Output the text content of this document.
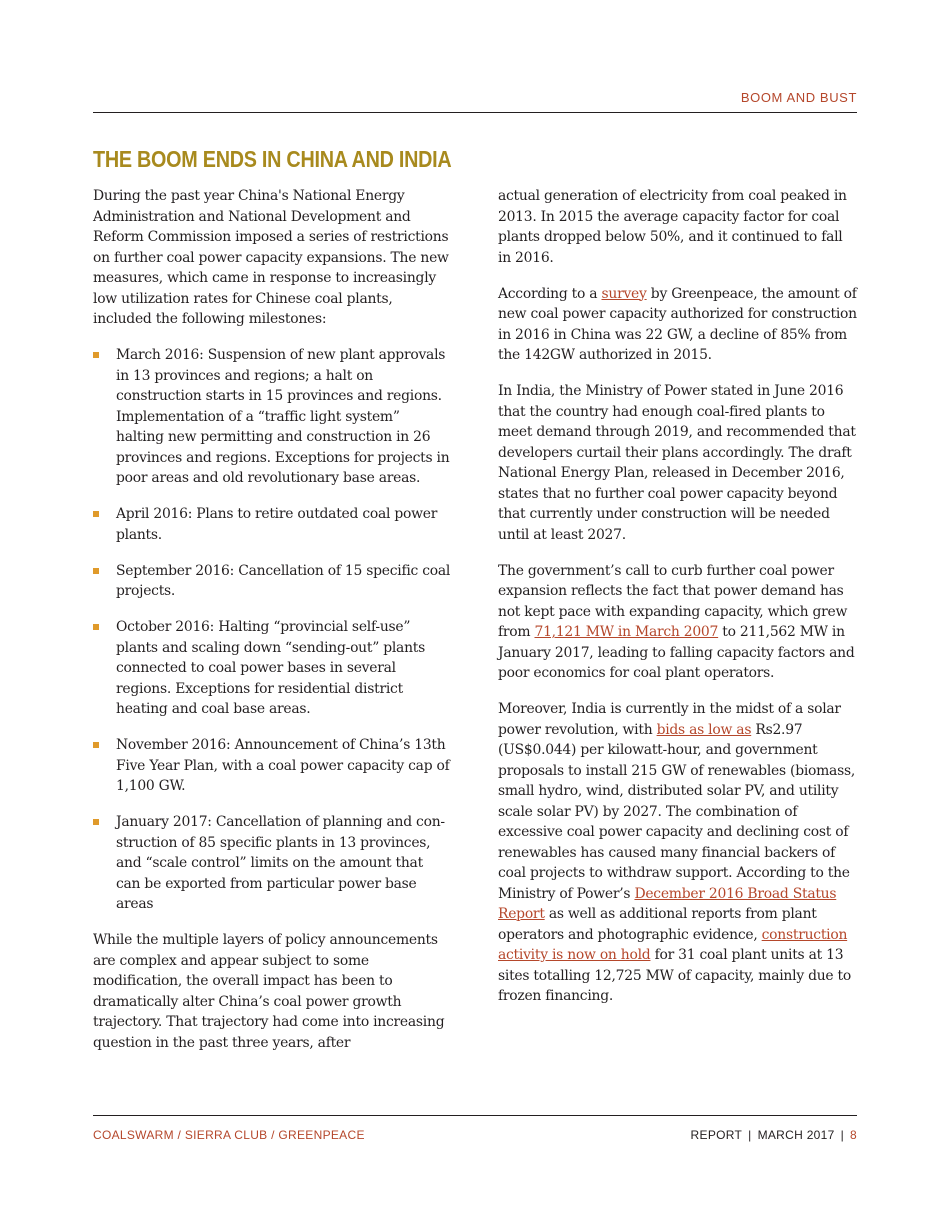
BOOM AND BUST
THE BOOM ENDS IN CHINA AND INDIA

During the past year China's National Energy Administration and National Development and Reform Commission imposed a series of restrictions on further coal power capacity expansions. The new measures, which came in response to increasingly low utilization rates for Chinese coal plants, included the following milestones:

March 2016: Suspension of new plant approvals in 13 provinces and regions; a halt on construction starts in 15 provinces and regions. Implementation of a “traffic light system” halting new permitting and construction in 26 provinces and regions. Exceptions for projects in poor areas and old revolutionary base areas.
April 2016: Plans to retire outdated coal power plants.
September 2016: Cancellation of 15 specific coal projects.
October 2016: Halting “provincial self-use” plants and scaling down “sending-out” plants connected to coal power bases in several regions. Exceptions for residential district heating and coal base areas.
November 2016: Announcement of China’s 13th Five Year Plan, with a coal power capacity cap of 1,100 GW.
January 2017: Cancellation of planning and construction of 85 specific plants in 13 provinces, and “scale control” limits on the amount that can be exported from particular power base areas

While the multiple layers of policy announcements are complex and appear subject to some modification, the overall impact has been to dramatically alter China’s coal power growth trajectory. That trajectory had come into increasing question in the past three years, after

actual generation of electricity from coal peaked in 2013. In 2015 the average capacity factor for coal plants dropped below 50%, and it continued to fall in 2016.

According to a survey by Greenpeace, the amount of new coal power capacity authorized for construction in 2016 in China was 22 GW, a decline of 85% from the 142GW authorized in 2015.

In India, the Ministry of Power stated in June 2016 that the country had enough coal-fired plants to meet demand through 2019, and recommended that developers curtail their plans accordingly. The draft National Energy Plan, released in December 2016, states that no further coal power capacity beyond that currently under construction will be needed until at least 2027.

The government’s call to curb further coal power expansion reflects the fact that power demand has not kept pace with expanding capacity, which grew from 71,121 MW in March 2007 to 211,562 MW in January 2017, leading to falling capacity factors and poor economics for coal plant operators.

Moreover, India is currently in the midst of a solar power revolution, with bids as low as Rs2.97 (US$0.044) per kilowatt-hour, and government proposals to install 215 GW of renewables (biomass, small hydro, wind, distributed solar PV, and utility scale solar PV) by 2027. The combination of excessive coal power capacity and declining cost of renewables has caused many financial backers of coal projects to withdraw support. According to the Ministry of Power’s December 2016 Broad Status Report as well as additional reports from plant operators and photographic evidence, construction activity is now on hold for 31 coal plant units at 13 sites totalling 12,725 MW of capacity, mainly due to frozen financing.

COALSWARM / SIERRA CLUB / GREENPEACE	REPORT | MARCH 2017 | 8
